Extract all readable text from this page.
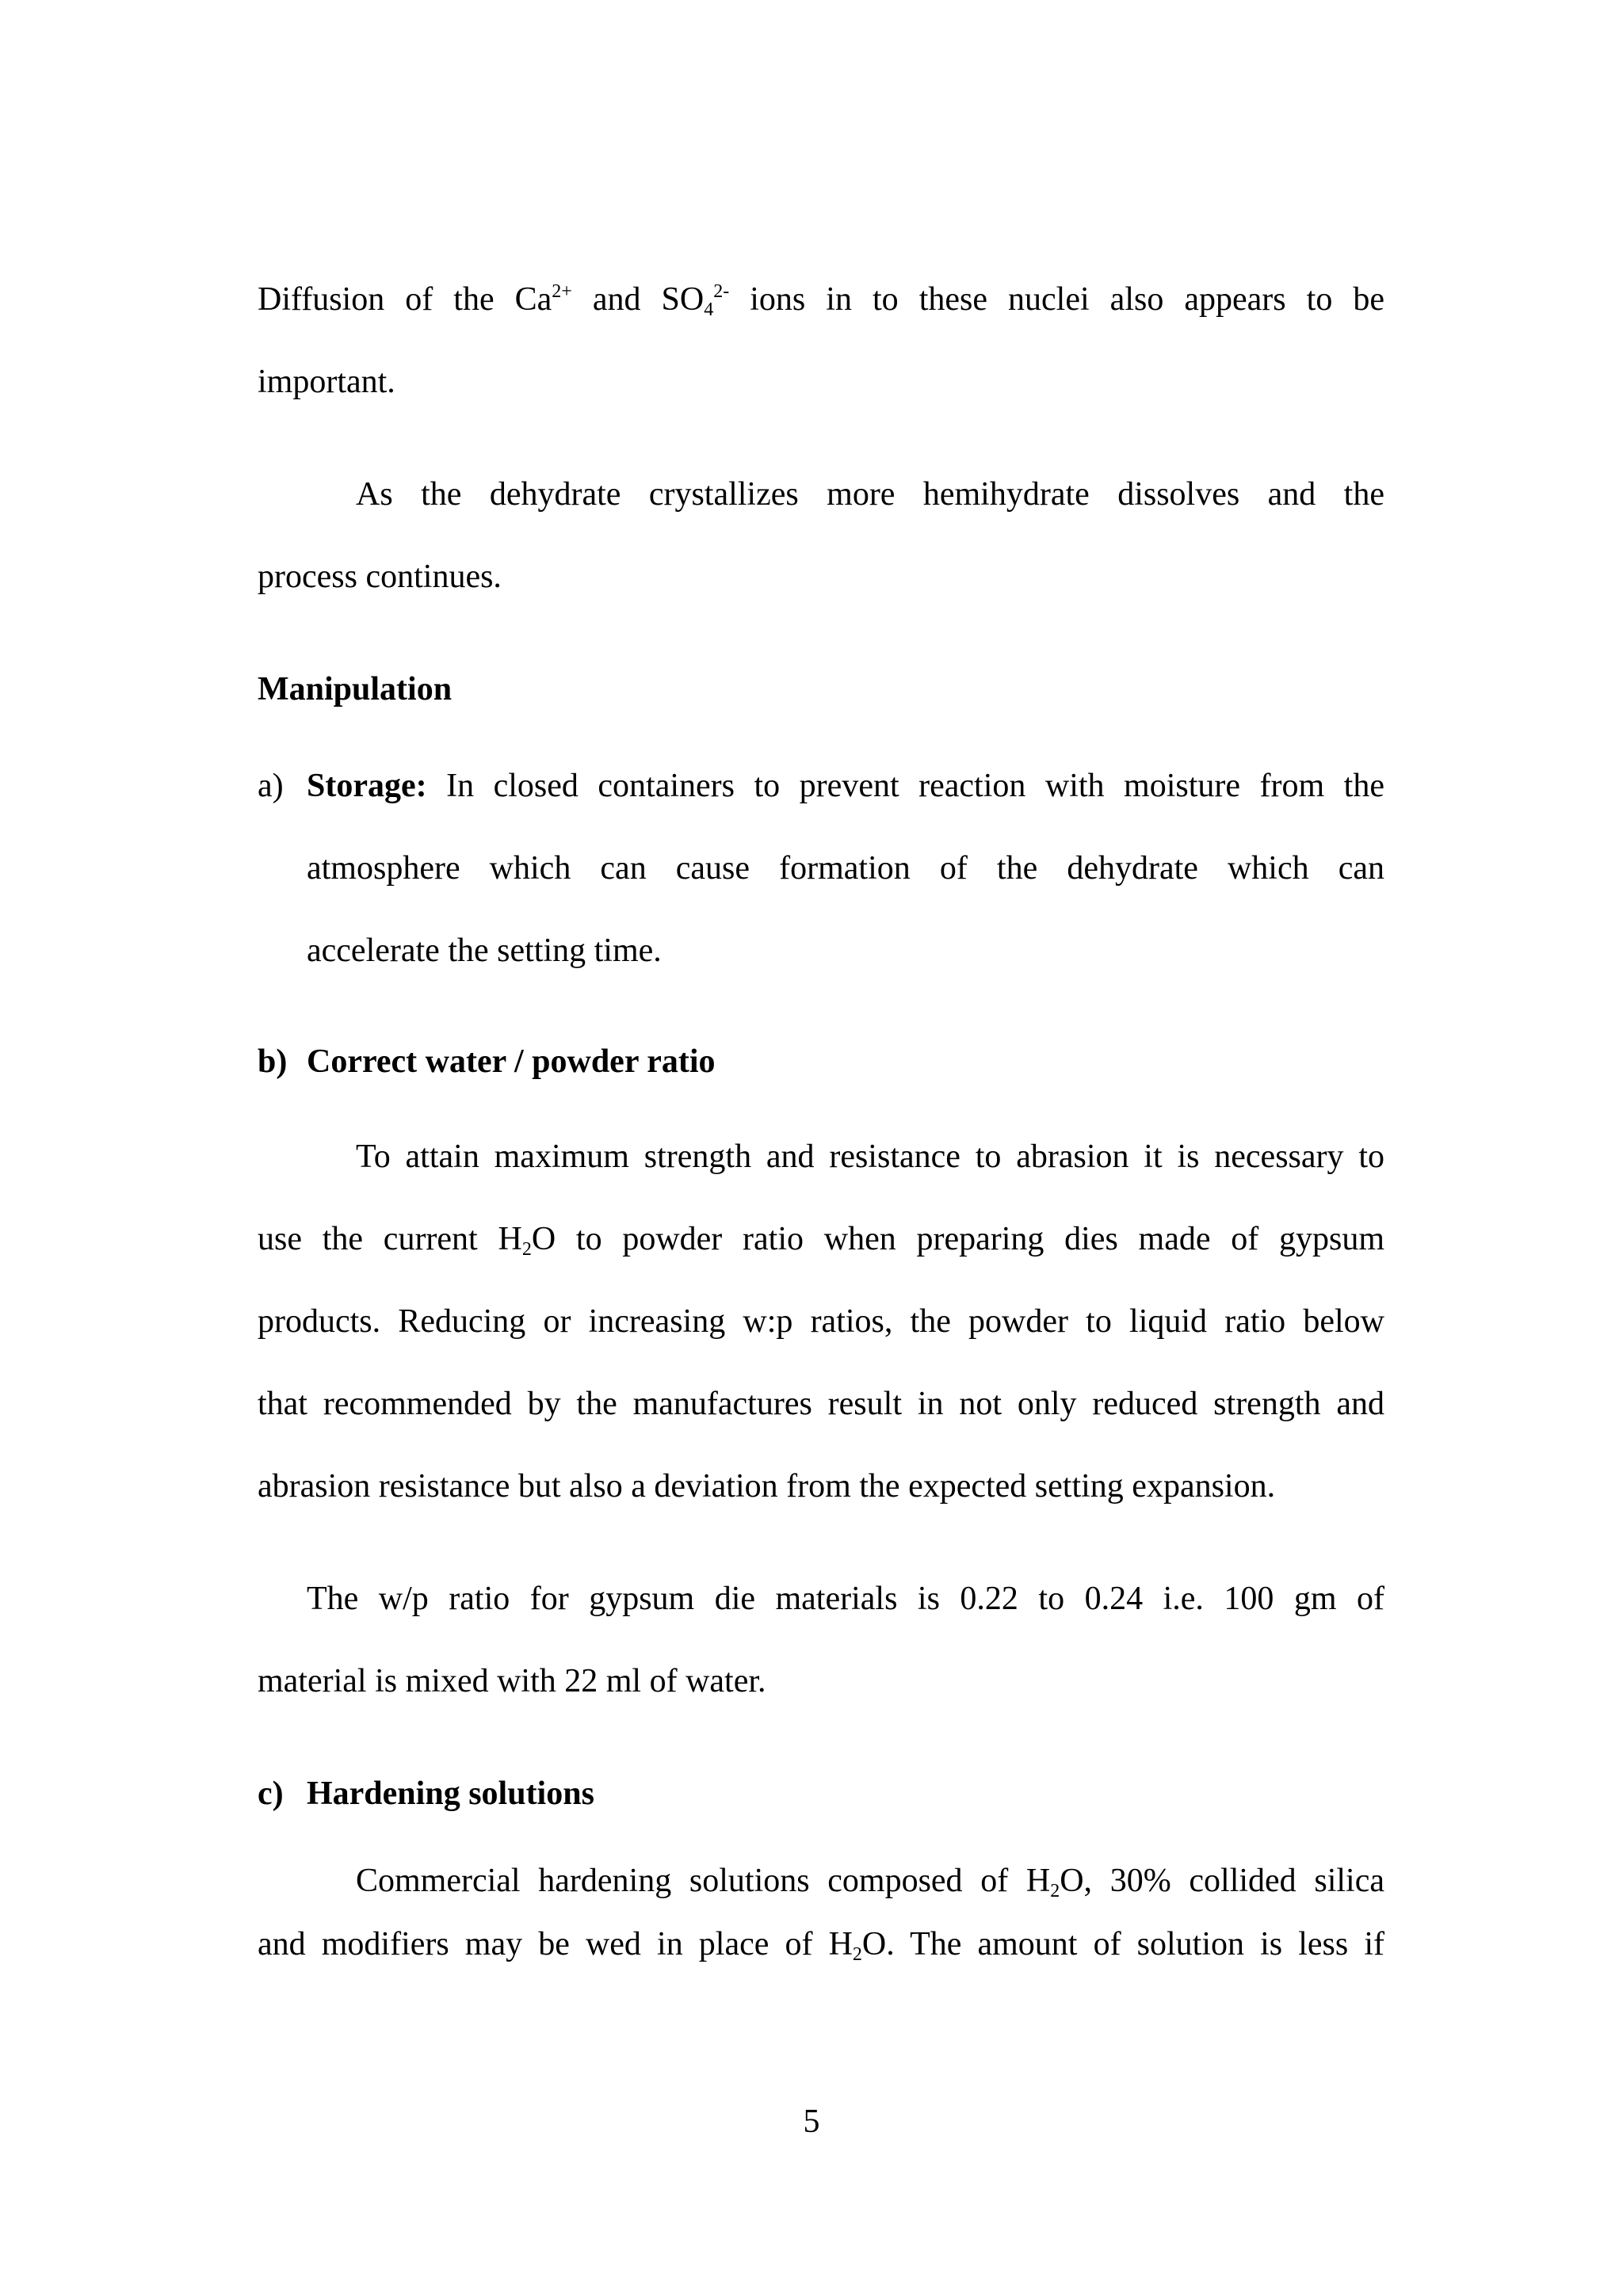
Diffusion of the $Ca^{2+}$ and $SO_4^{2-}$ ions in to these nuclei also appears to be
important.
As the dehydrate crystallizes more hemihydrate dissolves and the
process continues.
Manipulation
a) Storage: In closed containers to prevent reaction with moisture from the
atmosphere which can cause formation of the dehydrate which can
accelerate the setting time.
b) Correct water / powder ratio
To attain maximum strength and resistance to abrasion it is necessary to
use the current $H_2O$ to powder ratio when preparing dies made of gypsum
products. Reducing or increasing w:p ratios, the powder to liquid ratio below
that recommended by the manufactures result in not only reduced strength and
abrasion resistance but also a deviation from the expected setting expansion.
The w/p ratio for gypsum die materials is 0.22 to 0.24 i.e. 100 gm of
material is mixed with 22 ml of water.
c) Hardening solutions
Commercial hardening solutions composed of $H_2O$, 30% collided silica
and modifiers may be wed in place of $H_2O$. The amount of solution is less if
5
